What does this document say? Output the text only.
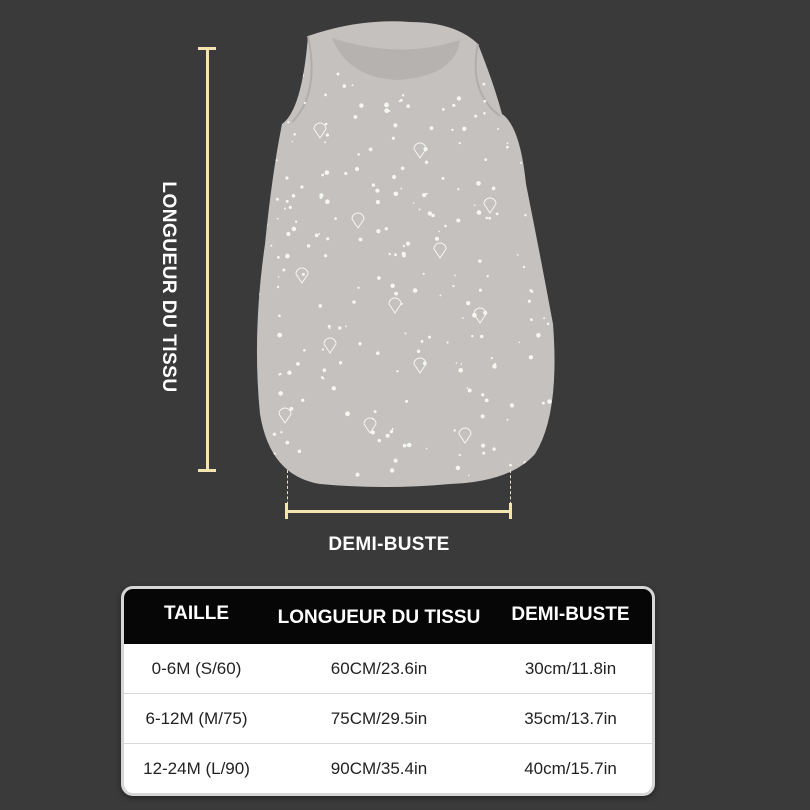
LONGUEUR DU TISSU
DEMI-BUSTE
TAILLE	LONGUEUR DU TISSU	DEMI-BUSTE
0-6M (S/60)	60CM/23.6in	30cm/11.8in
6-12M (M/75)	75CM/29.5in	35cm/13.7in
12-24M (L/90)	90CM/35.4in	40cm/15.7in
